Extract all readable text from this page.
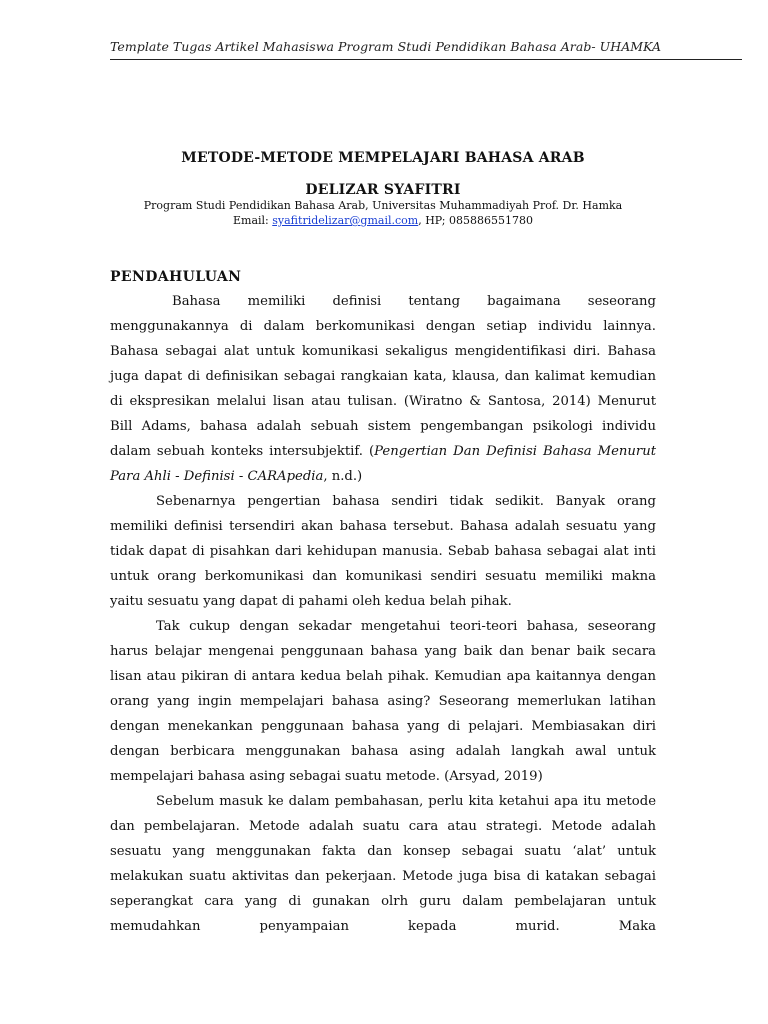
Template Tugas Artikel Mahasiswa Program Studi Pendidikan Bahasa Arab- UHAMKA
METODE-METODE MEMPELAJARI BAHASA ARAB
DELIZAR SYAFITRI
Program Studi Pendidikan Bahasa Arab, Universitas Muhammadiyah Prof. Dr. Hamka
Email: syafitridelizar@gmail.com, HP; 085886551780
PENDAHULUAN

Bahasa memiliki definisi tentang bagaimana seseorang menggunakannya di dalam berkomunikasi dengan setiap individu lainnya. Bahasa sebagai alat untuk komunikasi sekaligus mengidentifikasi diri. Bahasa juga dapat di definisikan sebagai rangkaian kata, klausa, dan kalimat kemudian di ekspresikan melalui lisan atau tulisan. (Wiratno & Santosa, 2014) Menurut Bill Adams, bahasa adalah sebuah sistem pengembangan psikologi individu dalam sebuah konteks intersubjektif. (Pengertian Dan Definisi Bahasa Menurut Para Ahli - Definisi - CARApedia, n.d.)

Sebenarnya pengertian bahasa sendiri tidak sedikit. Banyak orang memiliki definisi tersendiri akan bahasa tersebut. Bahasa adalah sesuatu yang tidak dapat di pisahkan dari kehidupan manusia. Sebab bahasa sebagai alat inti untuk orang berkomunikasi dan komunikasi sendiri sesuatu memiliki makna yaitu sesuatu yang dapat di pahami oleh kedua belah pihak.

Tak cukup dengan sekadar mengetahui teori-teori bahasa, seseorang harus belajar mengenai penggunaan bahasa yang baik dan benar baik secara lisan atau pikiran di antara kedua belah pihak. Kemudian apa kaitannya dengan orang yang ingin mempelajari bahasa asing? Seseorang memerlukan latihan dengan menekankan penggunaan bahasa yang di pelajari. Membiasakan diri dengan berbicara menggunakan bahasa asing adalah langkah awal untuk mempelajari bahasa asing sebagai suatu metode. (Arsyad, 2019)

Sebelum masuk ke dalam pembahasan, perlu kita ketahui apa itu metode dan pembelajaran. Metode adalah suatu cara atau strategi. Metode adalah sesuatu yang menggunakan fakta dan konsep sebagai suatu ‘alat’ untuk melakukan suatu aktivitas dan pekerjaan. Metode juga bisa di katakan sebagai seperangkat cara yang di gunakan olrh guru dalam pembelajaran untuk memudahkan penyampaian kepada murid. Maka
